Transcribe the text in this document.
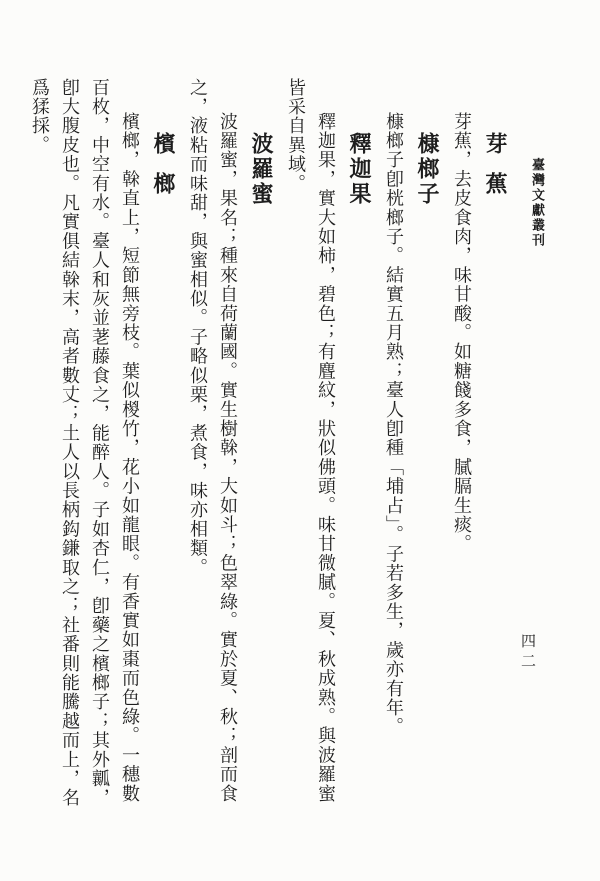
臺灣文獻叢刊
四二
芽蕉
芽蕉，去皮食肉，味甘酸。如糖餞多食，膩膈生痰。
槺榔子
槺榔子卽桄榔子。結實五月熟；臺人卽種「埔占」。子若多生，歲亦有年。
釋迦果
釋迦果，實大如柿，碧色；有麆紋，狀似佛頭。味甘微膩。夏、秋成熟。與波羅蜜
皆采自異域。
波羅蜜
波羅蜜，果名；種來自荷蘭國。實生樹榦，大如斗；色翠綠。實於夏、秋；剖而食
之，液粘而味甜，與蜜相似。子略似栗，煮食，味亦相類。
檳榔
檳榔，榦直上，短節無旁枝。葉似椶竹，花小如龍眼。有香實如棗而色綠。一穗數
百枚，中空有水。臺人和灰並荖藤食之，能醉人。子如杏仁，卽藥之檳榔子；其外瓤，
卽大腹皮也。凡實俱結榦末，高者數丈；土人以長柄鈎鎌取之；社番則能騰越而上，名
爲猱採。
